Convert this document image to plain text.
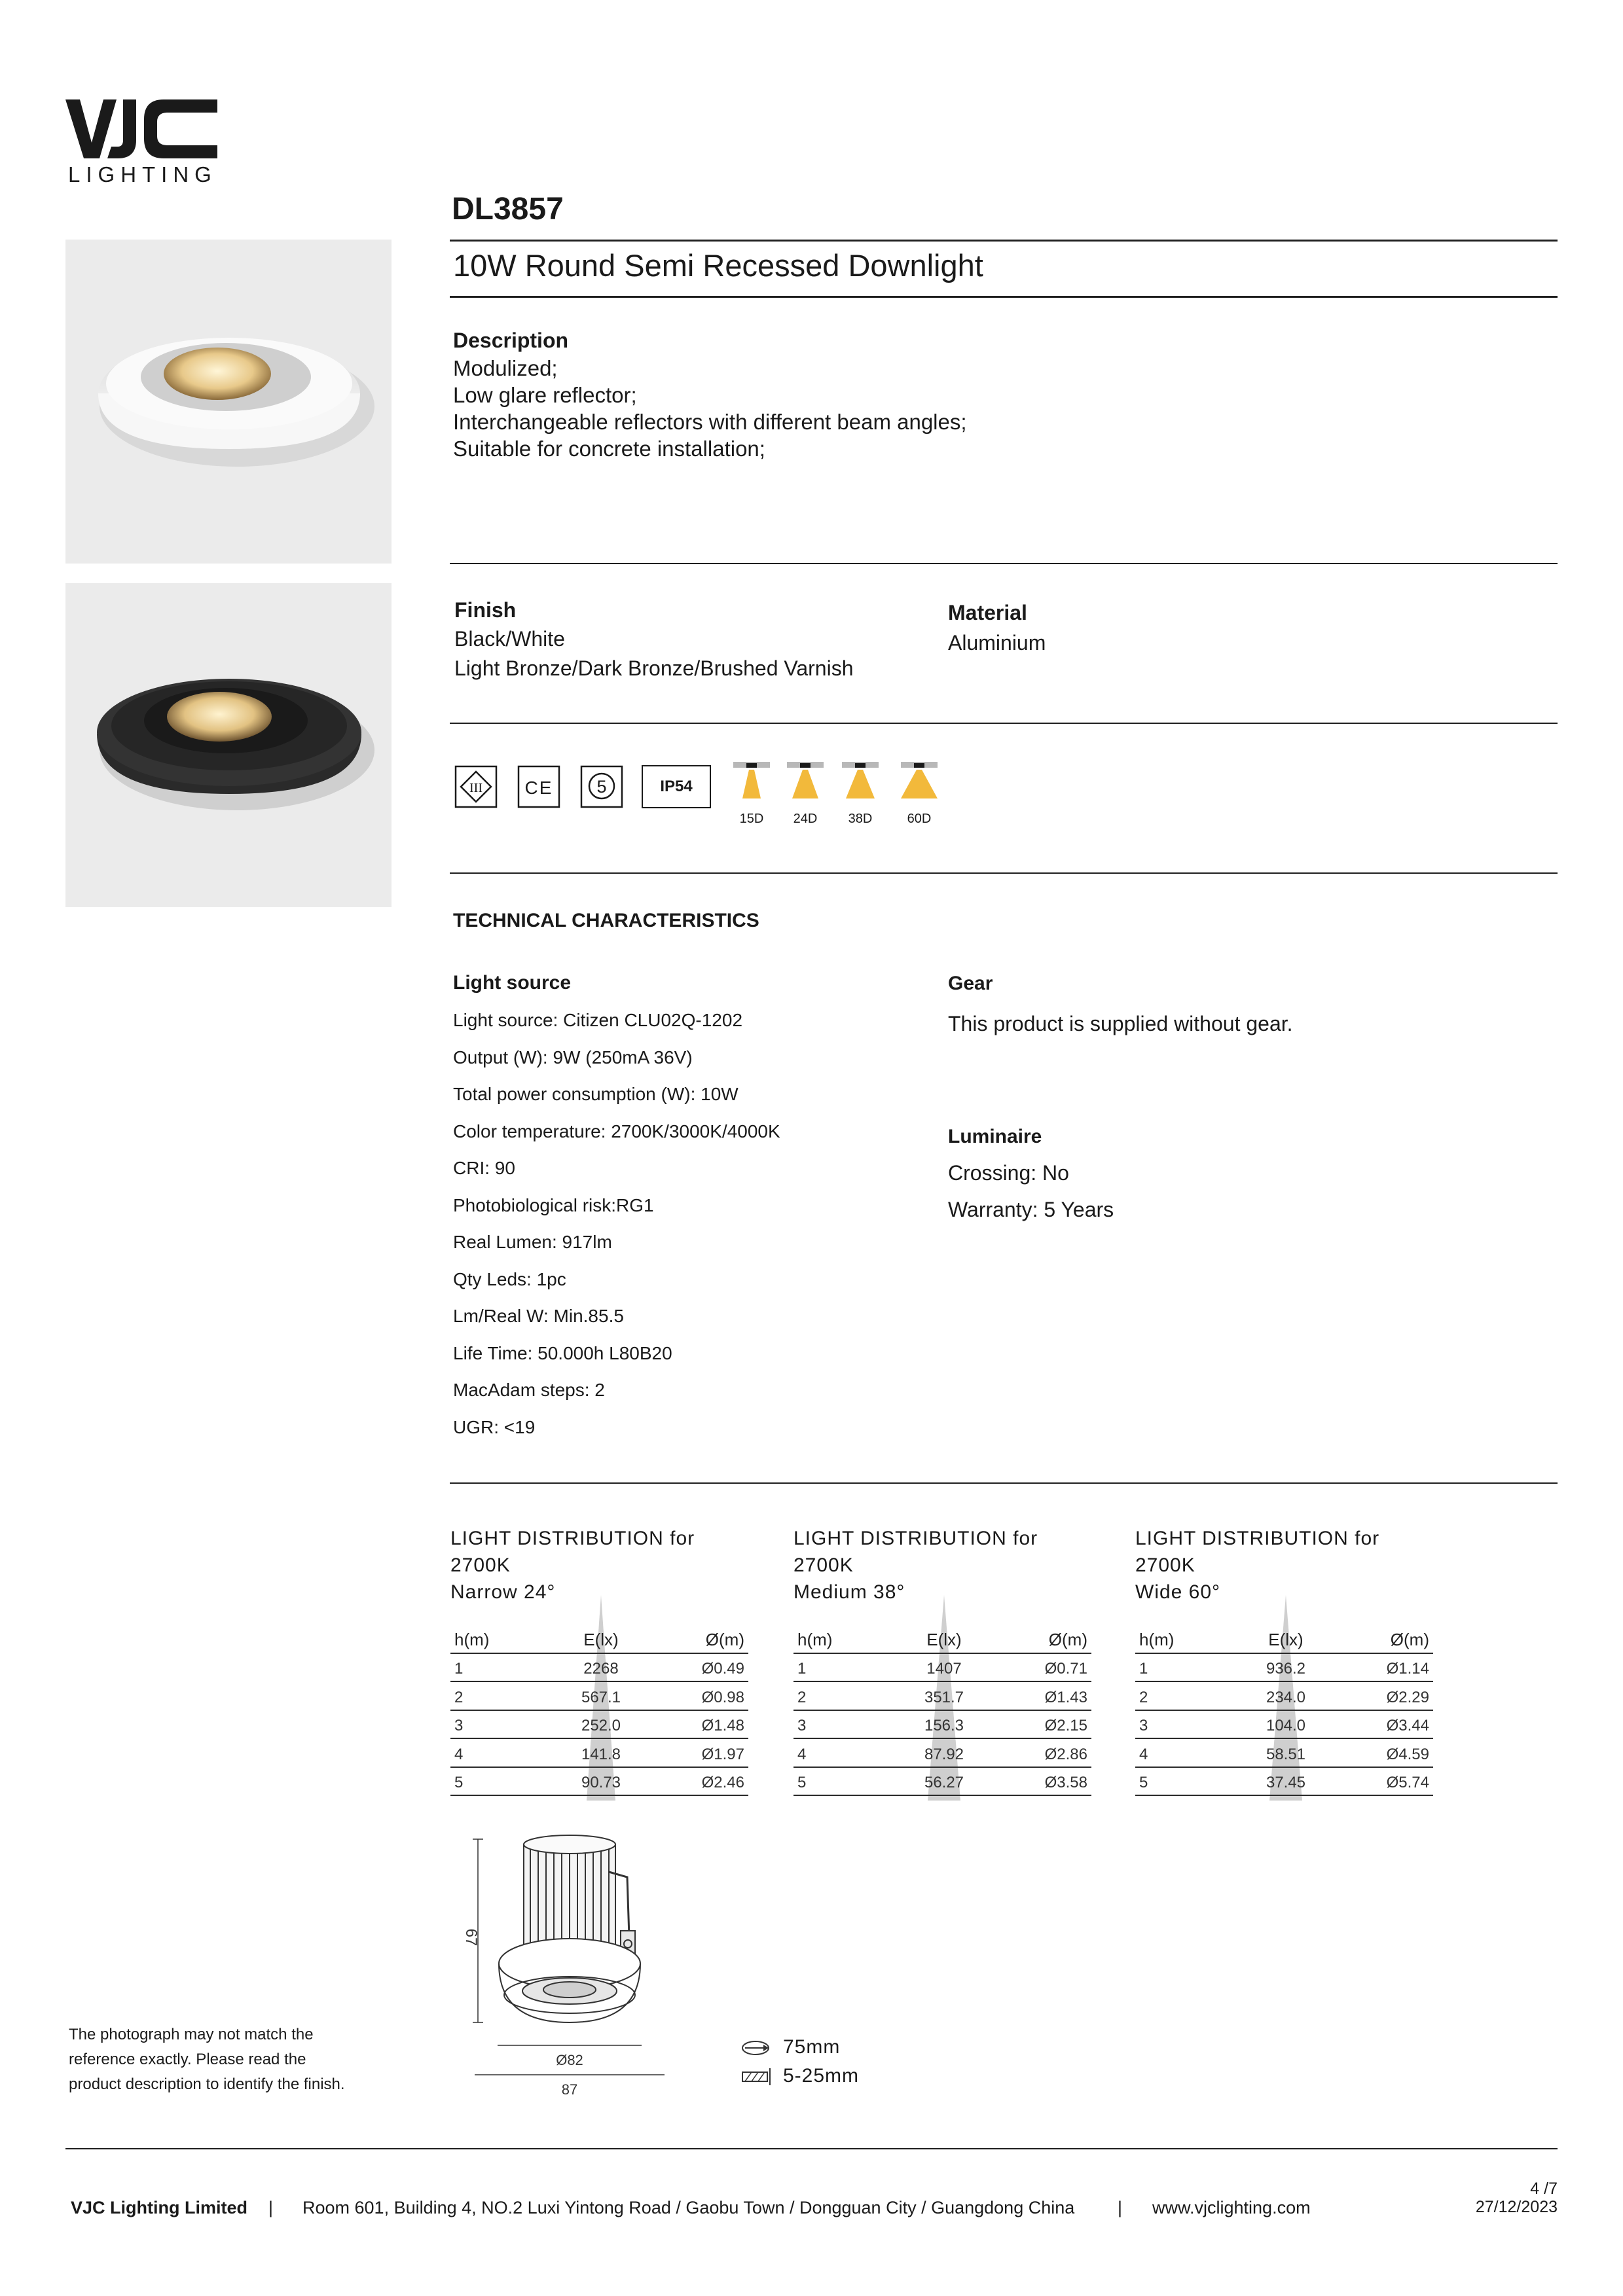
LIGHTING
DL3857
10W Round Semi Recessed Downlight
Description
Modulized;
Low glare reflector;
Interchangeable reflectors with different beam angles;
Suitable for concrete installation;
Finish
Black/White
Light Bronze/Dark Bronze/Brushed Varnish
Material
Aluminium
III CE 5	IP54
15D	24D	38D	60D
TECHNICAL CHARACTERISTICS
Light source
Light source: Citizen CLU02Q-1202
Output (W): 9W (250mA 36V)
Total power consumption (W): 10W
Color temperature: 2700K/3000K/4000K
CRI: 90
Photobiological risk:RG1
Real Lumen: 917lm
Qty Leds: 1pc
Lm/Real W: Min.85.5
Life Time: 50.000h L80B20
MacAdam steps: 2
UGR: <19
Gear
This product is supplied without gear.
Luminaire
Crossing: No
Warranty: 5 Years
LIGHT DISTRIBUTION for 2700K
Narrow 24°
h(m)	E(lx)	Ø(m)
1	2268	Ø0.49
2	567.1	Ø0.98
3	252.0	Ø1.48
4	141.8	Ø1.97
5	90.73	Ø2.46
LIGHT DISTRIBUTION for 2700K
Medium 38°
h(m)	E(lx)	Ø(m)
1	1407	Ø0.71
2	351.7	Ø1.43
3	156.3	Ø2.15
4	87.92	Ø2.86
5	56.27	Ø3.58
LIGHT DISTRIBUTION for 2700K
Wide 60°
h(m)	E(lx)	Ø(m)
1	936.2	Ø1.14
2	234.0	Ø2.29
3	104.0	Ø3.44
4	58.51	Ø4.59
5	37.45	Ø5.74
67
Ø82
87
75mm
5-25mm
The photograph may not match the
reference exactly. Please read the
product description to identify the finish.
4 /7
VJC Lighting Limited | Room 601, Building 4, NO.2 Luxi Yintong Road / Gaobu Town / Dongguan City / Guangdong China | www.vjclighting.com	27/12/2023
